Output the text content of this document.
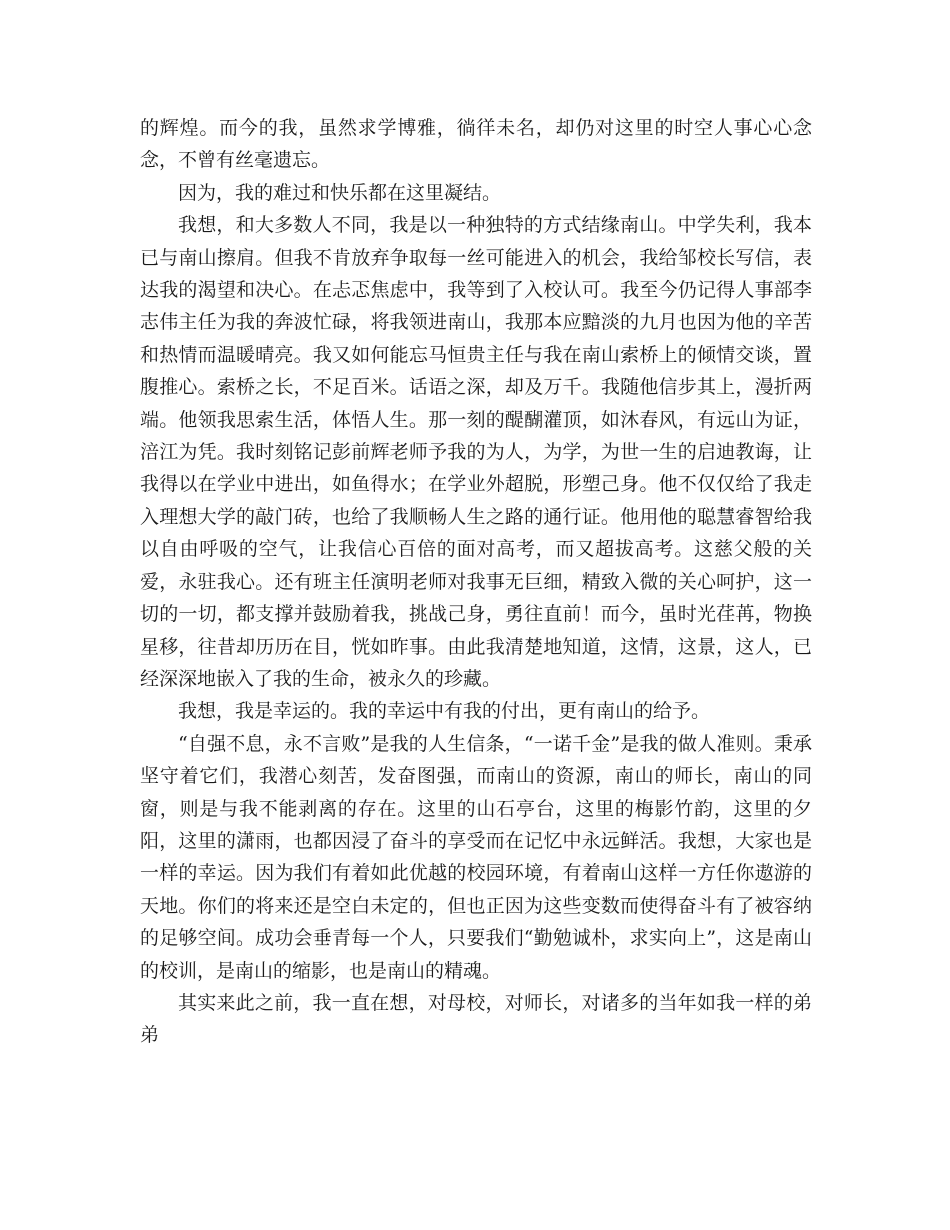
的辉煌。而今的我，虽然求学博雅，徜徉未名，却仍对这里的时空人事心心念念，不曾有丝毫遗忘。

因为，我的难过和快乐都在这里凝结。

我想，和大多数人不同，我是以一种独特的方式结缘南山。中学失利，我本已与南山擦肩。但我不肯放弃争取每一丝可能进入的机会，我给邹校长写信，表达我的渴望和决心。在忐忑焦虑中，我等到了入校认可。我至今仍记得人事部李志伟主任为我的奔波忙碌，将我领进南山，我那本应黯淡的九月也因为他的辛苦和热情而温暖晴亮。我又如何能忘马恒贵主任与我在南山索桥上的倾情交谈，置腹推心。索桥之长，不足百米。话语之深，却及万千。我随他信步其上，漫折两端。他领我思索生活，体悟人生。那一刻的醍醐灌顶，如沐春风，有远山为证，涪江为凭。我时刻铭记彭前辉老师予我的为人，为学，为世一生的启迪教诲，让我得以在学业中进出，如鱼得水；在学业外超脱，形塑己身。他不仅仅给了我走入理想大学的敲门砖，也给了我顺畅人生之路的通行证。他用他的聪慧睿智给我以自由呼吸的空气，让我信心百倍的面对高考，而又超拔高考。这慈父般的关爱，永驻我心。还有班主任演明老师对我事无巨细，精致入微的关心呵护，这一切的一切，都支撑并鼓励着我，挑战己身，勇往直前！而今，虽时光荏苒，物换星移，往昔却历历在目，恍如昨事。由此我清楚地知道，这情，这景，这人，已经深深地嵌入了我的生命，被永久的珍藏。

我想，我是幸运的。我的幸运中有我的付出，更有南山的给予。

“自强不息，永不言败”是我的人生信条，“一诺千金”是我的做人准则。秉承坚守着它们，我潜心刻苦，发奋图强，而南山的资源，南山的师长，南山的同窗，则是与我不能剥离的存在。这里的山石亭台，这里的梅影竹韵，这里的夕阳，这里的潇雨，也都因浸了奋斗的享受而在记忆中永远鲜活。我想，大家也是一样的幸运。因为我们有着如此优越的校园环境，有着南山这样一方任你遨游的天地。你们的将来还是空白未定的，但也正因为这些变数而使得奋斗有了被容纳的足够空间。成功会垂青每一个人，只要我们“勤勉诚朴，求实向上”，这是南山的校训，是南山的缩影，也是南山的精魂。

其实来此之前，我一直在想，对母校，对师长，对诸多的当年如我一样的弟弟
